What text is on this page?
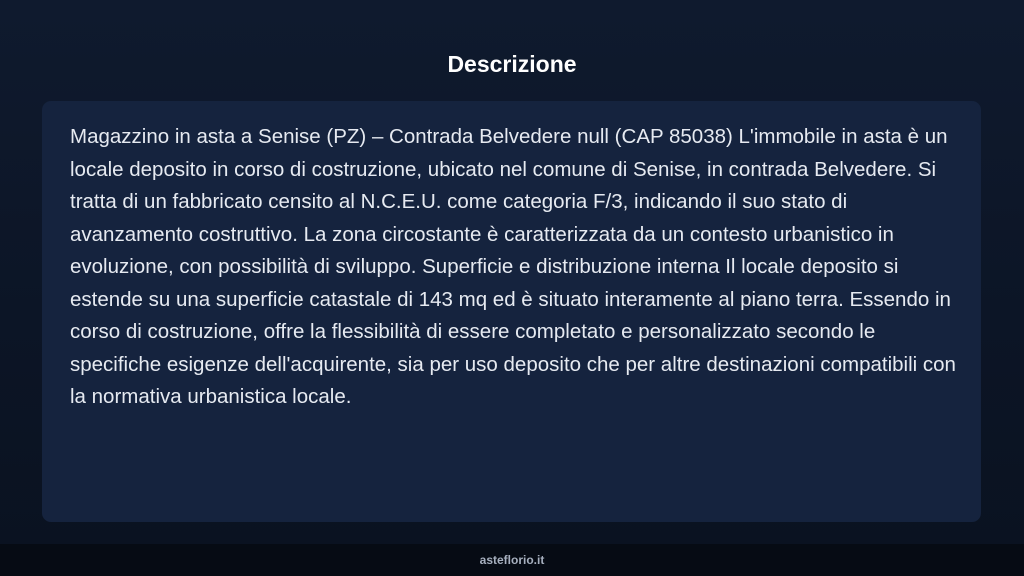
Descrizione

Magazzino in asta a Senise (PZ) – Contrada Belvedere null (CAP 85038) L'immobile in asta è un locale deposito in corso di costruzione, ubicato nel comune di Senise, in contrada Belvedere. Si tratta di un fabbricato censito al N.C.E.U. come categoria F/3, indicando il suo stato di avanzamento costruttivo. La zona circostante è caratterizzata da un contesto urbanistico in evoluzione, con possibilità di sviluppo. Superficie e distribuzione interna Il locale deposito si estende su una superficie catastale di 143 mq ed è situato interamente al piano terra. Essendo in corso di costruzione, offre la flessibilità di essere completato e personalizzato secondo le specifiche esigenze dell'acquirente, sia per uso deposito che per altre destinazioni compatibili con la normativa urbanistica locale.

asteflorio.it
